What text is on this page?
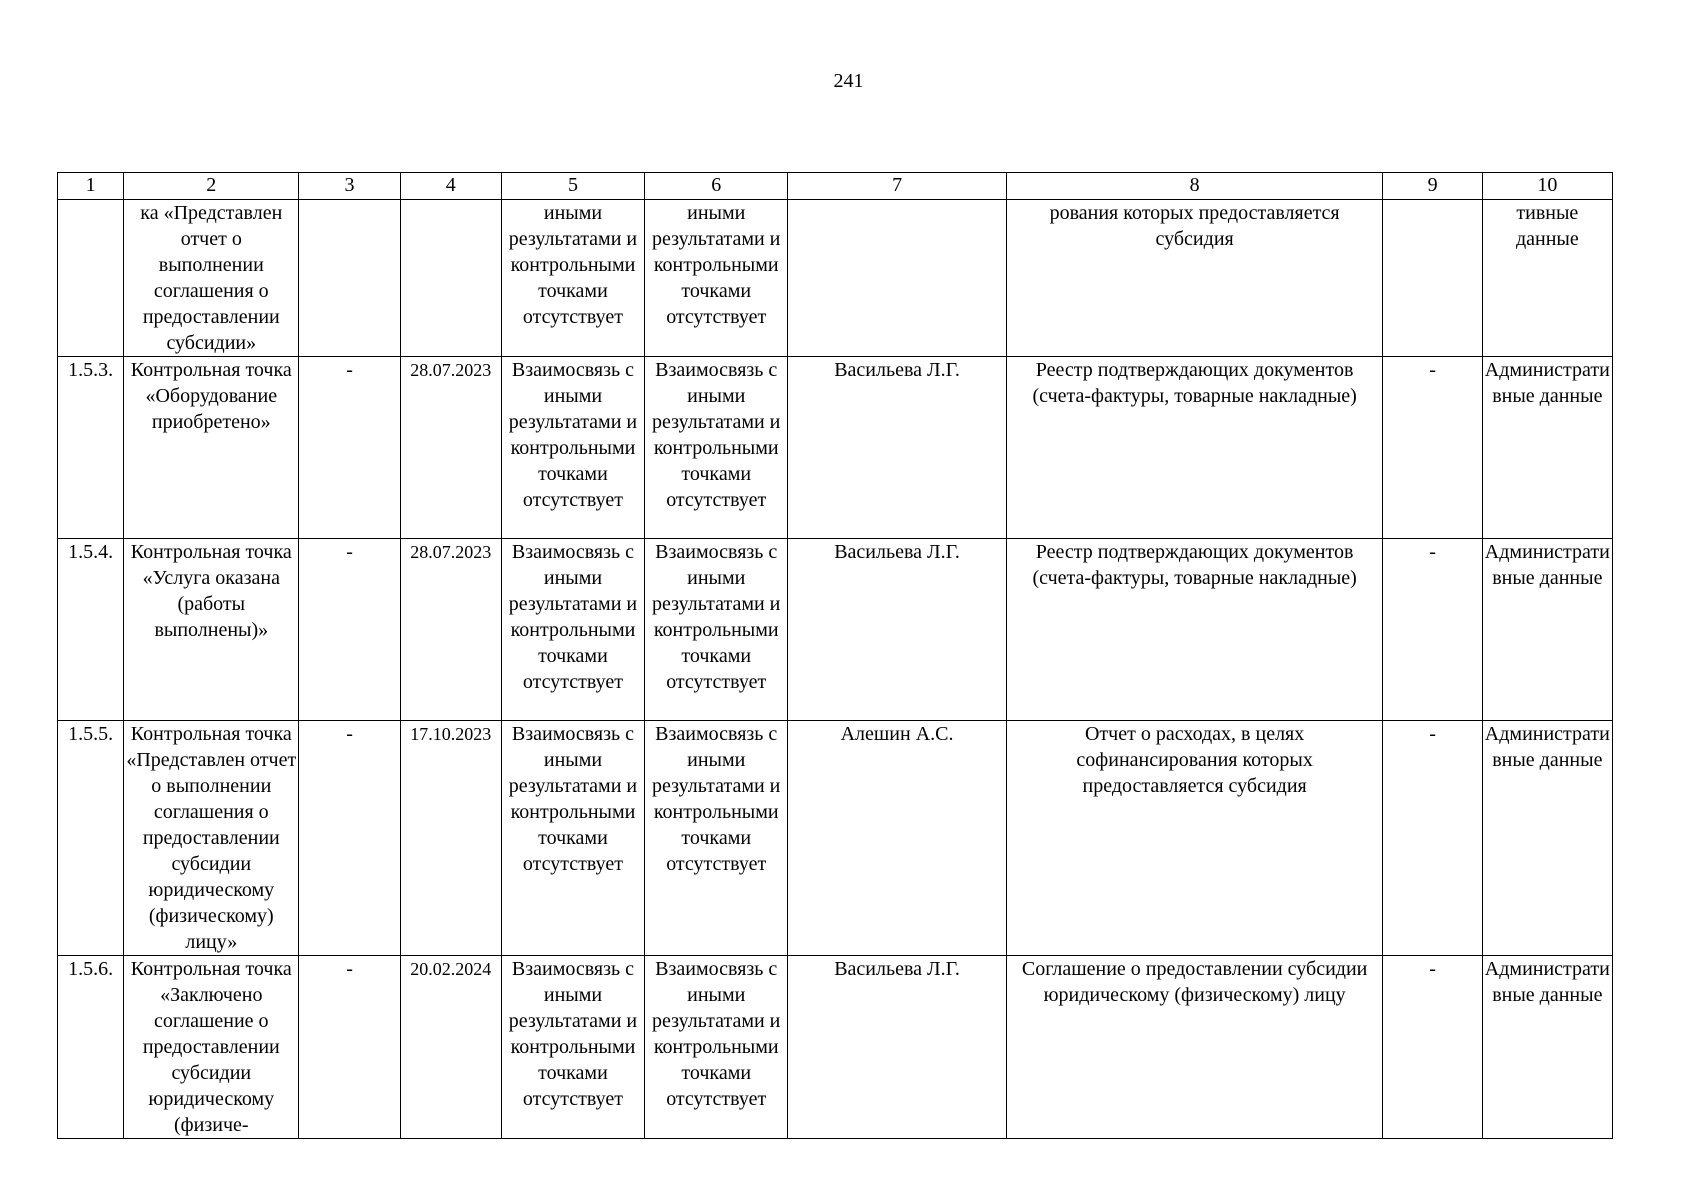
241
1	2	3	4	5	6	7	8	9	10
	ка «Представлен отчет о выполнении соглашения о предоставлении субсидии»			иными результатами и контрольными точками отсутствует	иными результатами и контрольными точками отсутствует		рования которых предоставляется субсидия		тивные данные
1.5.3.	Контрольная точка «Оборудование приобретено»	-	28.07.2023	Взаимосвязь с иными результатами и контрольными точками отсутствует	Взаимосвязь с иными результатами и контрольными точками отсутствует	Васильева Л.Г.	Реестр подтверждающих документов (счета-фактуры, товарные накладные)	-	Административные данные
1.5.4.	Контрольная точка «Услуга оказана (работы выполнены)»	-	28.07.2023	Взаимосвязь с иными результатами и контрольными точками отсутствует	Взаимосвязь с иными результатами и контрольными точками отсутствует	Васильева Л.Г.	Реестр подтверждающих документов (счета-фактуры, товарные накладные)	-	Административные данные
1.5.5.	Контрольная точка «Представлен отчет о выполнении соглашения о предоставлении субсидии юридическому (физическому) лицу»	-	17.10.2023	Взаимосвязь с иными результатами и контрольными точками отсутствует	Взаимосвязь с иными результатами и контрольными точками отсутствует	Алешин А.С.	Отчет о расходах, в целях софинансирования которых предоставляется субсидия	-	Административные данные
1.5.6.	Контрольная точка «Заключено соглашение о предоставлении субсидии юридическому (физиче-	-	20.02.2024	Взаимосвязь с иными результатами и контрольными точками отсутствует	Взаимосвязь с иными результатами и контрольными точками отсутствует	Васильева Л.Г.	Соглашение о предоставлении субсидии юридическому (физическому) лицу	-	Административные данные
